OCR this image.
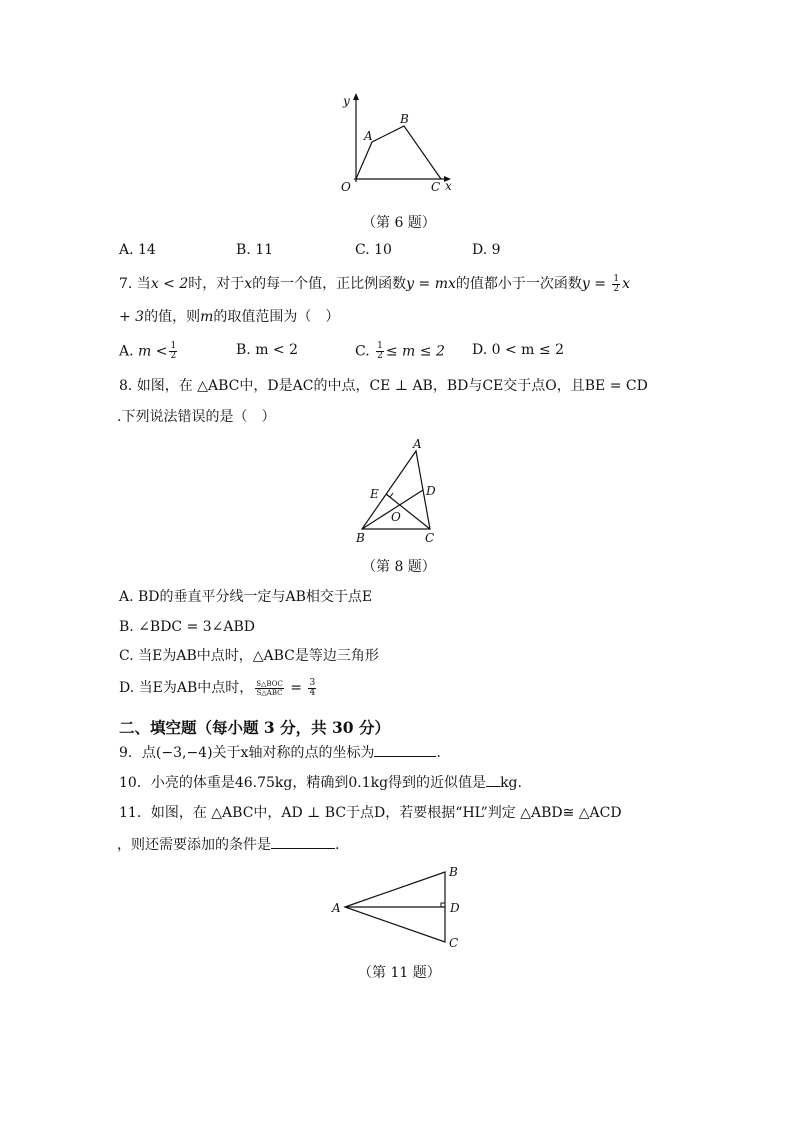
y
x
A
B
O	C
（第 6 题）
A. 14	B. 11	C. 10	D. 9
7. 当x < 2时，对于x的每一个值，正比例函数y = mx的值都小于一次函数$y = \frac{1}{2}$ x
+ 3的值，则m的取值范围为（　）
A. $m < \frac{1}{2}$	B. m < 2	C. $\frac{1}{2} \le m \le 2$ D. 0 < m ≤ 2
8. 如图，在 △ABC中，D是AC的中点，CE ⊥ AB，BD与CE交于点O，且BE = CD
.下列说法错误的是（　）
A
E	D
O
B	C
（第 8 题）
A. BD的垂直平分线一定与AB相交于点E
B. ∠BDC = 3∠ABD
C. 当E为AB中点时，△ABC是等边三角形
D. 当E为AB中点时， $\frac{\text{S△BOC}}{\text{S△ABC}} = \frac{3}{4}$
二、填空题（每小题 3 分，共 30 分）
9．点(−3,−4)关于x轴对称的点的坐标为	.
10．小亮的体重是46.75kg，精确到0.1kg得到的近似值是 kg.
11．如图，在 △ABC中，AD ⊥ BC于点D，若要根据“HL”判定 △ABD≅ △ACD
，则还需要添加的条件是	.
A
B
D
C
（第 11 题）
